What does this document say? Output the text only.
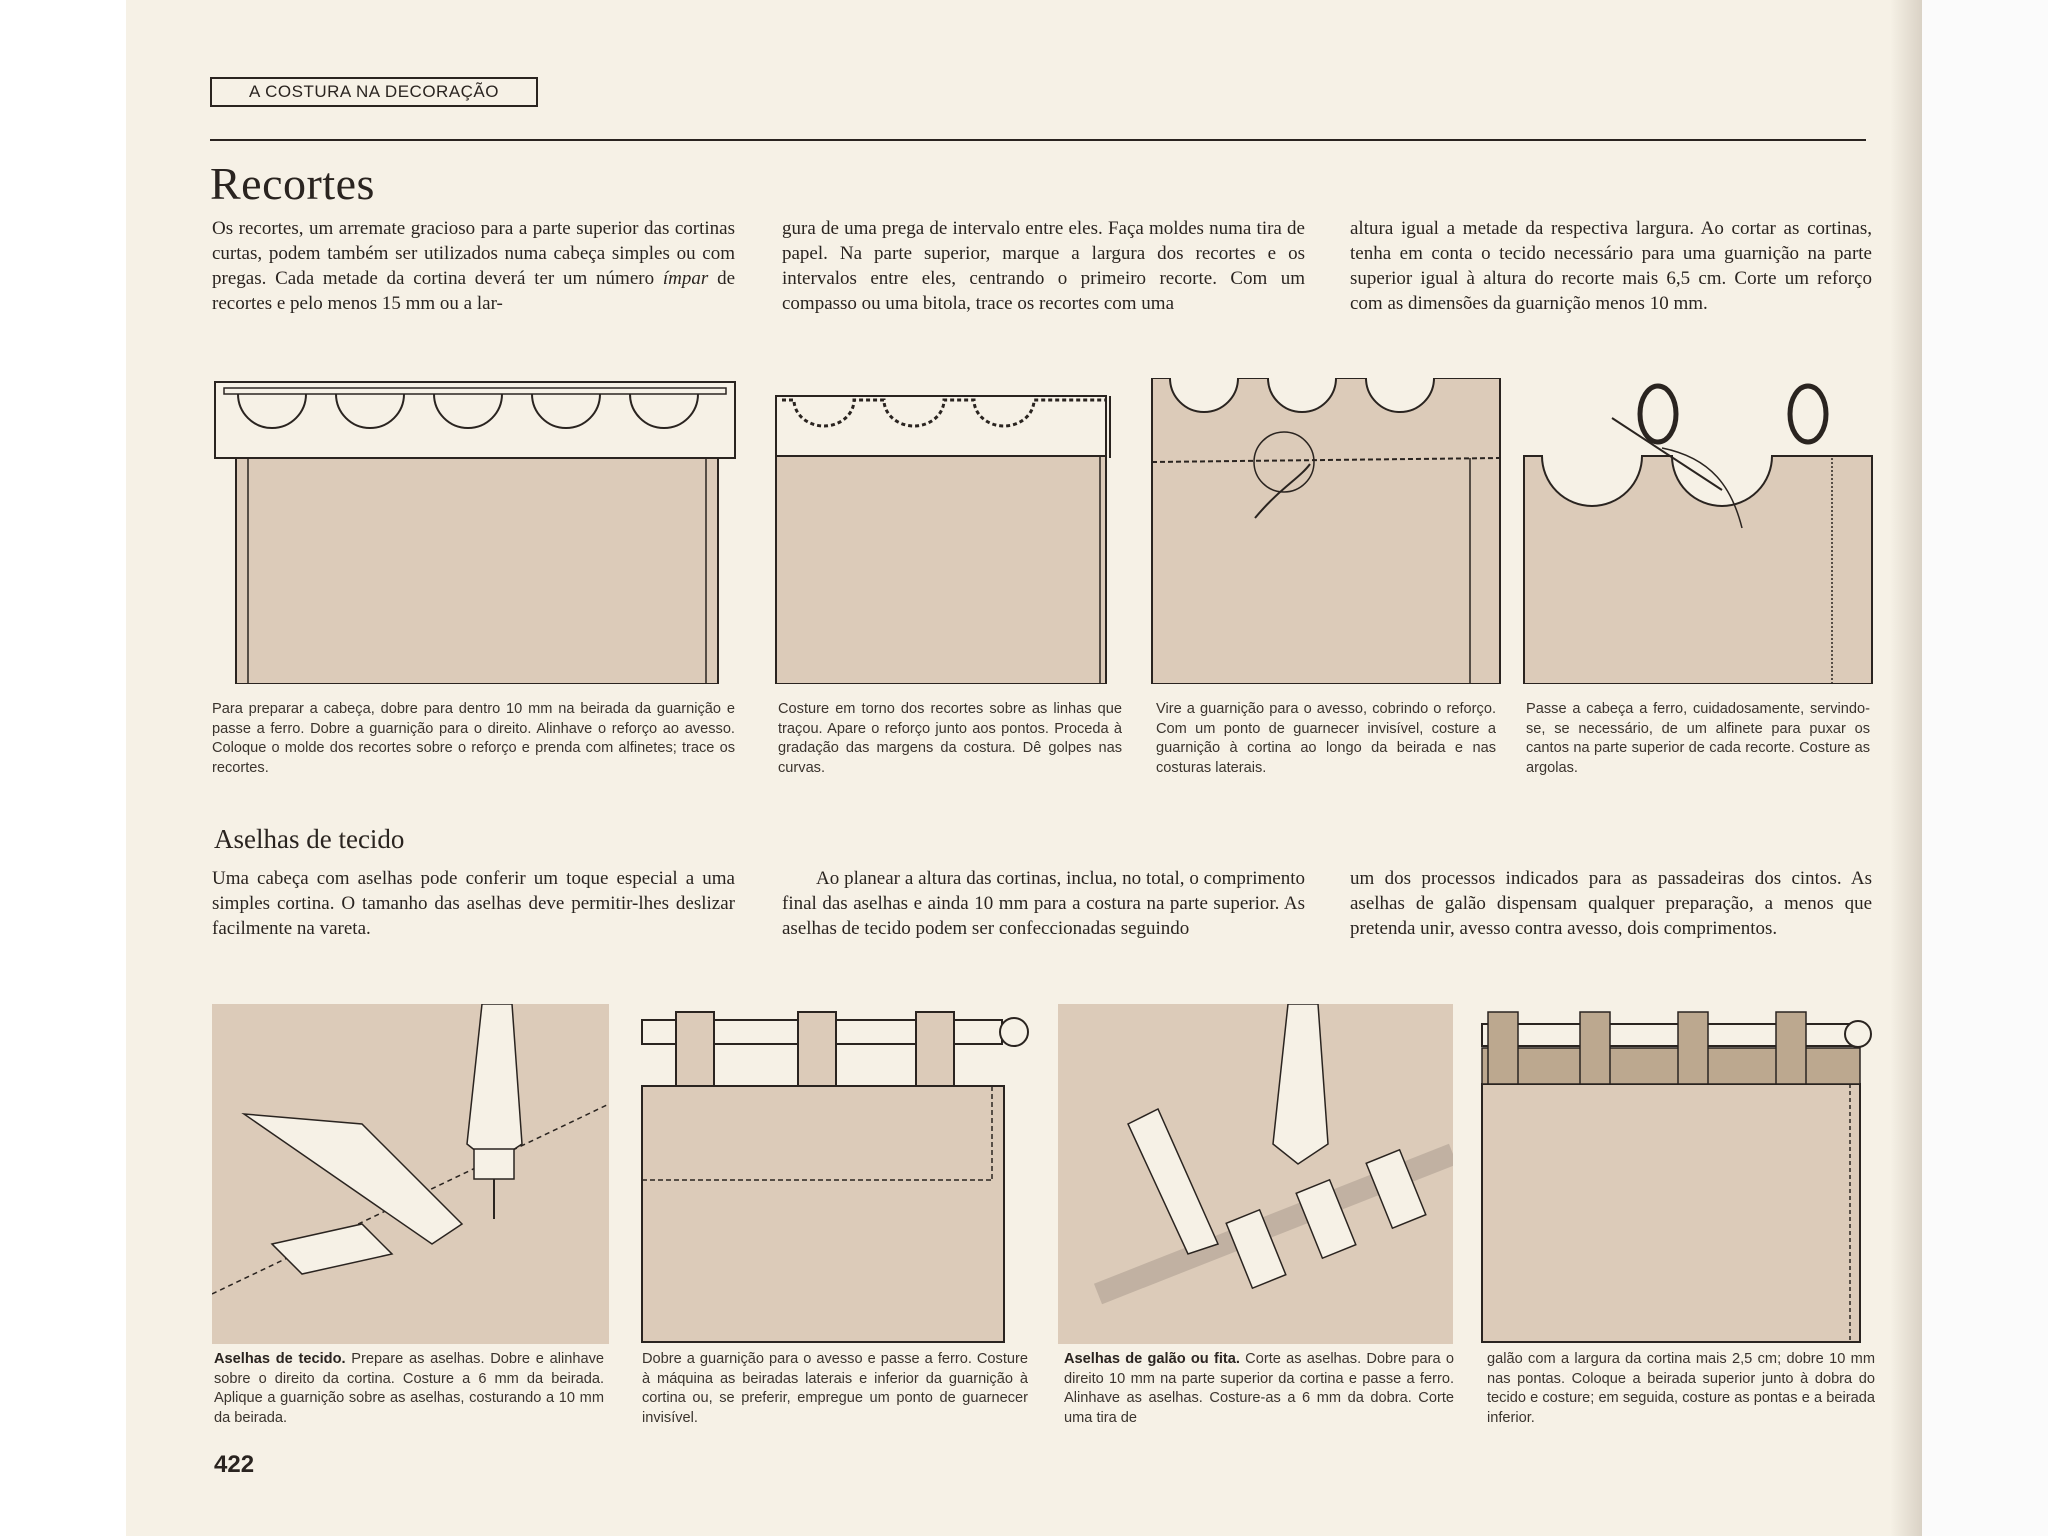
A COSTURA NA DECORAÇÃO
Recortes

Os recortes, um arremate gracioso para a parte superior das cortinas curtas, podem também ser utilizados numa cabeça simples ou com pregas. Cada metade da cortina deverá ter um número ímpar de recortes e pelo menos 15 mm ou a lar-

gura de uma prega de intervalo entre eles. Faça moldes numa tira de papel. Na parte superior, marque a largura dos recortes e os intervalos entre eles, centrando o primeiro recorte. Com um compasso ou uma bitola, trace os recortes com uma

altura igual a metade da respectiva largura. Ao cortar as cortinas, tenha em conta o tecido necessário para uma guarnição na parte superior igual à altura do recorte mais 6,5 cm. Corte um reforço com as dimensões da guarnição menos 10 mm.

Para preparar a cabeça, dobre para dentro 10 mm na beirada da guarnição e passe a ferro. Dobre a guarnição para o direito. Alinhave o reforço ao avesso. Coloque o molde dos recortes sobre o reforço e prenda com alfinetes; trace os recortes.

Costure em torno dos recortes sobre as linhas que traçou. Apare o reforço junto aos pontos. Proceda à gradação das margens da costura. Dê golpes nas curvas.

Vire a guarnição para o avesso, cobrindo o reforço. Com um ponto de guarnecer invisível, costure a guarnição à cortina ao longo da beirada e nas costuras laterais.

Passe a cabeça a ferro, cuidadosamente, servindo-se, se necessário, de um alfinete para puxar os cantos na parte superior de cada recorte. Costure as argolas.

Aselhas de tecido

Uma cabeça com aselhas pode conferir um toque especial a uma simples cortina. O tamanho das aselhas deve permitir-lhes deslizar facilmente na vareta.

Ao planear a altura das cortinas, inclua, no total, o comprimento final das aselhas e ainda 10 mm para a costura na parte superior. As aselhas de tecido podem ser confeccionadas seguindo

um dos processos indicados para as passadeiras dos cintos. As aselhas de galão dispensam qualquer preparação, a menos que pretenda unir, avesso contra avesso, dois comprimentos.

Aselhas de tecido. Prepare as aselhas. Dobre e alinhave sobre o direito da cortina. Costure a 6 mm da beirada. Aplique a guarnição sobre as aselhas, costurando a 10 mm da beirada.

Dobre a guarnição para o avesso e passe a ferro. Costure à máquina as beiradas laterais e inferior da guarnição à cortina ou, se preferir, empregue um ponto de guarnecer invisível.

Aselhas de galão ou fita. Corte as aselhas. Dobre para o direito 10 mm na parte superior da cortina e passe a ferro. Alinhave as aselhas. Costure-as a 6 mm da dobra. Corte uma tira de

galão com a largura da cortina mais 2,5 cm; dobre 10 mm nas pontas. Coloque a beirada superior junto à dobra do tecido e costure; em seguida, costure as pontas e a beirada inferior.

422
